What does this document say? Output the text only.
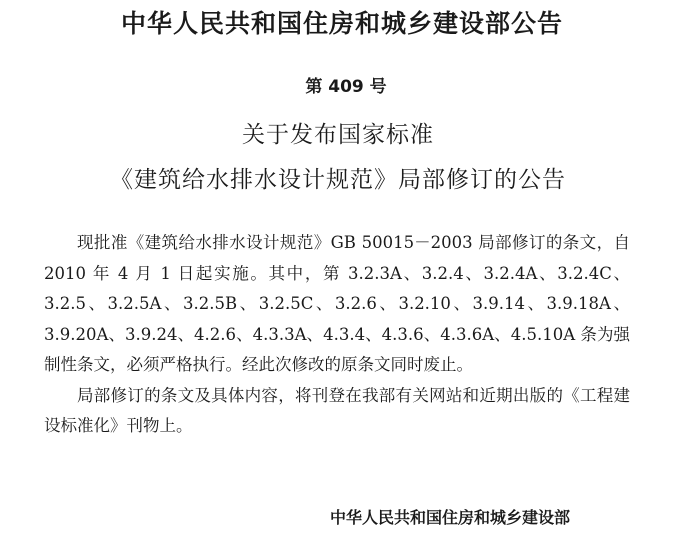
中华人民共和国住房和城乡建设部公告
第 409 号
关于发布国家标准
《建筑给水排水设计规范》局部修订的公告

现批准《建筑给水排水设计规范》GB 50015－2003 局部修订的条文，自 2010 年 4 月 1 日起实施。其中，第 3.2.3A、3.2.4、3.2.4A、3.2.4C、3.2.5、3.2.5A、3.2.5B、3.2.5C、3.2.6、3.2.10、3.9.14、3.9.18A、3.9.20A、3.9.24、4.2.6、4.3.3A、4.3.4、4.3.6、4.3.6A、4.5.10A 条为强制性条文，必须严格执行。经此次修改的原条文同时废止。

局部修订的条文及具体内容，将刊登在我部有关网站和近期出版的《工程建设标准化》刊物上。

中华人民共和国住房和城乡建设部
